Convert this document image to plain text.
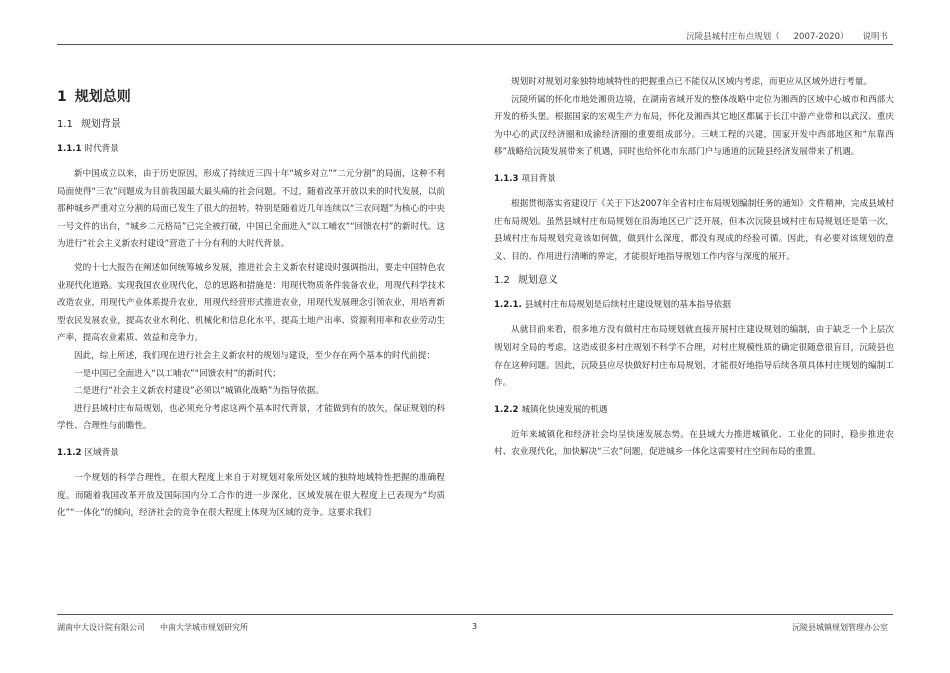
沅陵县城村庄布点规划（ 2007-2020） 说明书
1 规划总则
1.1 规划背景
1.1.1 时代背景

新中国成立以来，由于历史原因，形成了持续近三四十年“城乡对立”“二元分割”的局面，这种不利局面使得“三农”问题成为目前我国最大最头痛的社会问题。不过，随着改革开放以来的时代发展，以前那种城乡严重对立分割的局面已发生了很大的扭转，特别是随着近几年连续以“三农问题”为核心的中央一号文件的出台，“城乡二元格局”已完全被打破，中国已全面进入“以工哺农”“回馈农村”的新时代。这为进行“社会主义新农村建设”营造了十分有利的大时代背景。

党的十七大报告在阐述如何统筹城乡发展，推进社会主义新农村建设时强调指出，要走中国特色农业现代化道路。实现我国农业现代化，总的思路和措施是：用现代物质条件装备农业，用现代科学技术改造农业，用现代产业体系提升农业，用现代经营形式推进农业，用现代发展理念引领农业，用培育新型农民发展农业，提高农业水利化、机械化和信息化水平，提高土地产出率、资源利用率和农业劳动生产率，提高农业素质、效益和竞争力。

因此，综上所述，我们现在进行社会主义新农村的规划与建设，至少存在两个基本的时代前提：

一是中国已全面进入“以工哺农”“回馈农村”的新时代；

二是进行“社会主义新农村建设”必须以“城镇化战略”为指导依据。

进行县域村庄布局规划，也必须充分考虑这两个基本时代背景，才能做到有的放矢，保证规划的科学性、合理性与前瞻性。

1.1.2 区域背景

一个规划的科学合理性，在很大程度上来自于对规划对象所处区域的独特地域特性把握的准确程度。而随着我国改革开放及国际国内分工合作的进一步深化，区域发展在很大程度上已表现为“均质化”“一体化”的倾向，经济社会的竞争在很大程度上体现为区域的竞争。这要求我们

规划时对规划对象独特地域特性的把握重点已不能仅从区域内考虑，而更应从区域外进行考量。

沅陵所属的怀化市地处湘贵边境，在湖南省域开发的整体战略中定位为湘西的区域中心城市和西部大开发的桥头堡。根据国家的宏观生产力布局，怀化及湘西其它地区都属于长江中游产业带和以武汉、重庆为中心的武汉经济圈和成渝经济圈的重要组成部分。三峡工程的兴建，国家开发中西部地区和“东靠西移”战略给沅陵发展带来了机遇，同时也给怀化市东部门户与通道的沅陵县经济发展带来了机遇。

1.1.3 项目背景

根据贯彻落实省建设厅《关于下达2007年全省村庄布局规划编制任务的通知》文件精神，完成县域村庄布局规划。虽然县域村庄布局规划在沿海地区已广泛开展，但本次沅陵县域村庄布局规划还是第一次，县域村庄布局规划究竟该如何做，做到什么深度，都没有现成的经验可循。因此，有必要对该规划的意义、目的、作用进行清晰的界定，才能很好地指导规划工作内容与深度的展开。

1.2 规划意义
1.2.1. 县域村庄布局规划是后续村庄建设规划的基本指导依据

从就目前来看，很多地方没有做村庄布局规划就直接开展村庄建设规划的编制，由于缺乏一个上层次规划对全局的考虑，这造成很多村庄规划不科学不合理，对村庄规模性质的确定很随意很盲目，沅陵县也存在这种问题。因此，沅陵县应尽快做好村庄布局规划，才能很好地指导后续各项具体村庄规划的编制工作。

1.2.2 城镇化快速发展的机遇

近年来城镇化和经济社会均呈快速发展态势。在县域大力推进城镇化、工业化的同时，稳步推进农村、农业现代化，加快解决“三农”问题，促进城乡一体化这需要村庄空间布局的重置。

湖南中大设计院有限公司 中南大学城市规划研究所	3	沅陵县城镇规划管理办公室
